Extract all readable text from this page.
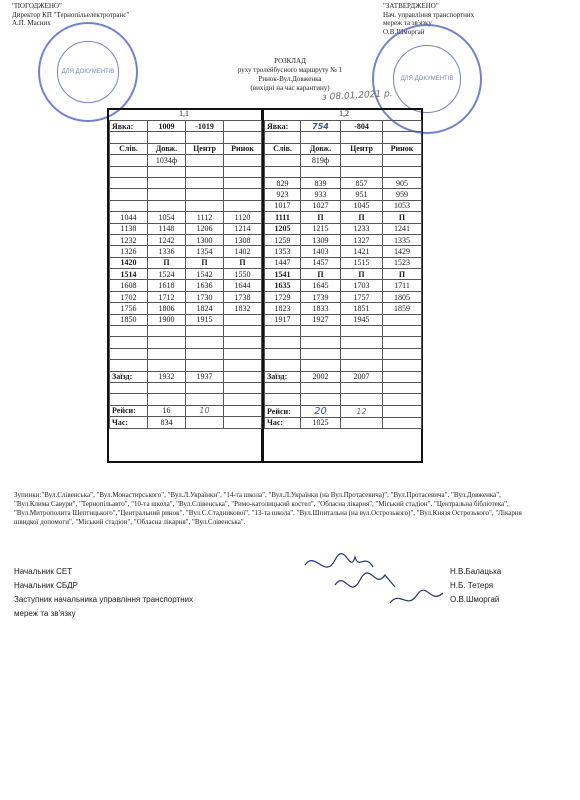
"ПОГОДЖЕНО"
Директор КП "Тернопільелектротранс"
А.П. Масних
ДЛЯ ДОКУМЕНТІВ
"ЗАТВЕРДЖЕНО"
Нач. управління транспортних
мереж та зв'язку
О.В.Шморгай
ДЛЯ ДОКУМЕНТІВ
РОЗКЛАД
руху тролейбусного маршруту № 1
Ринок-Вул.Довженка
(вихідні на час карантину)
з 08.01.2021 р.
1,1	1,2
Явка:	1009	-1019	

Слів.	Довж.	Центр	Ринок
	1034ф		

1044	1054	1112	1120
1138	1148	1206	1214
1232	1242	1300	1308
1326	1336	1354	1402
1420	П	П	П
1514	1524	1542	1550
1608	1618	1636	1644
1702	1712	1730	1738
1756	1806	1824	1832
1850	1900	1915	

Заїзд:	1932	1937	

Рейси:	16	10	
Час:	834		
Явка:	754	-804	

Слів.	Довж.	Центр	Ринок
	819ф		

829	839	857	905
923	933	951	959
1017	1027	1045	1053
1111	П	П	П
1205	1215	1233	1241
1259	1309	1327	1335
1353	1403	1421	1429
1447	1457	1515	1523
1541	П	П	П
1635	1645	1703	1711
1729	1739	1757	1805
1823	1833	1851	1859
1917	1927	1945	

Заїзд:	2002	2007	

Рейси:	20	12	
Час:	1025		
Зупинки:"Вул.Слівенська", "Вул.Монастирського", "Вул.Л.Українки", "14-та школа", "Вул.Л.Українки (на Вул.Протасевича)", "Вул.Протасевича", "Вул.Довженка", "Вул.Клима Савури", "Тернопільавто", "10-та школа", "Вул.Слівенська", "Римо-католицький костел", "Обласна лікарня", "Міський стадіон", "Центральна бібліотека", "Вул.Митрополита Шептицького","Центральний ринок", "Вул.С.Стадникової", "13-та школа", "Вул.Шпитальна (на вул.Острозького)", "Вул.Князя Острозького", "Лікарня швидкої допомоги", "Міський стадіон", "Обласна лікарня", "Вул.Слівенська".
Начальник СЕТ
Начальник СБДР
Заступник начальника управління транспортних
мереж та зв'язку
Н.В.Балацька
Н.Б. Тетеря
О.В.Шморгай
